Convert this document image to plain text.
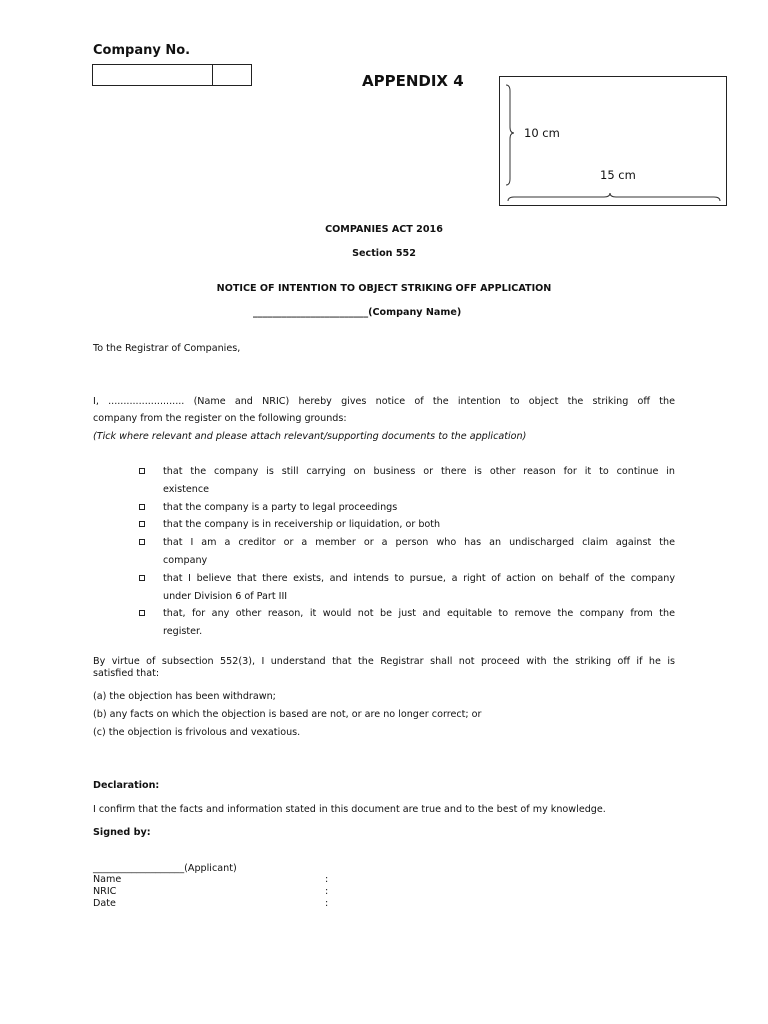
Company No.
APPENDIX 4
10 cm
15 cm
COMPANIES ACT 2016
Section 552
NOTICE OF INTENTION TO OBJECT STRIKING OFF APPLICATION
________________________(Company Name)
To the Registrar of Companies,
I, ......................... (Name and NRIC) hereby gives notice of the intention to object the striking off the
company from the register on the following grounds:
(Tick where relevant and please attach relevant/supporting documents to the application)
that the company is still carrying on business or there is other reason for it to continue in
existence
that the company is a party to legal proceedings
that the company is in receivership or liquidation, or both
that I am a creditor or a member or a person who has an undischarged claim against the
company
that I believe that there exists, and intends to pursue, a right of action on behalf of the company
under Division 6 of Part III
that, for any other reason, it would not be just and equitable to remove the company from the
register.
By virtue of subsection 552(3), I understand that the Registrar shall not proceed with the striking off if he is
satisfied that:
(a) the objection has been withdrawn;
(b) any facts on which the objection is based are not, or are no longer correct; or
(c) the objection is frivolous and vexatious.
Declaration:
I confirm that the facts and information stated in this document are true and to the best of my knowledge.
Signed by:
___________________(Applicant)
Name	:
NRIC	:
Date	:
